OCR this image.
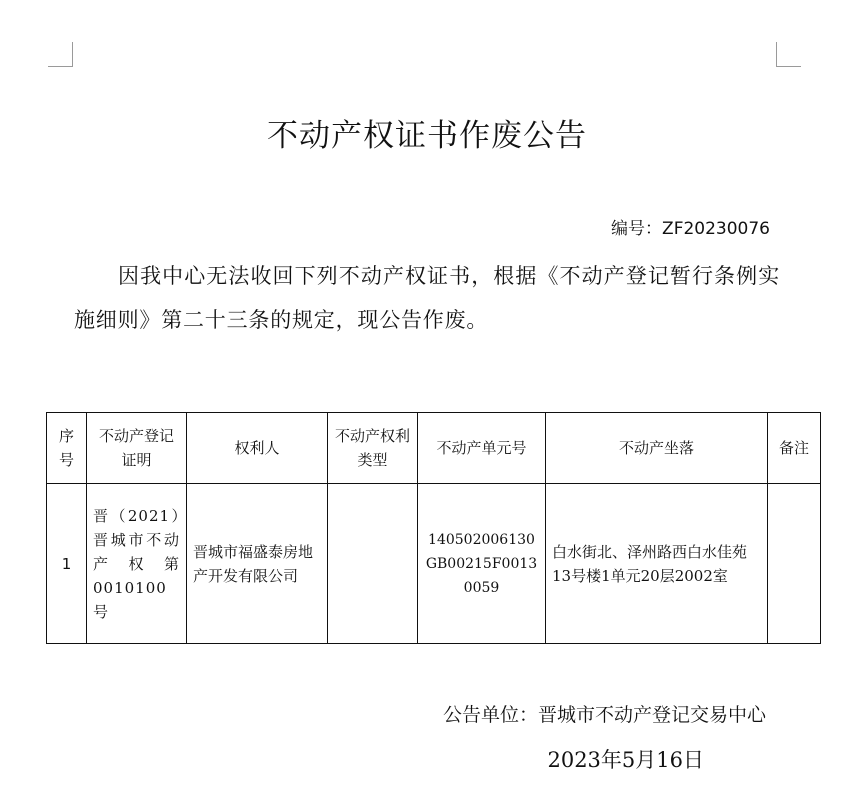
不动产权证书作废公告
编号：ZF20230076
因我中心无法收回下列不动产权证书，根据《不动产登记暂行条例实施细则》第二十三条的规定，现公告作废。
序号	不动产登记证明	权利人	不动产权利类型	不动产单元号	不动产坐落	备注
1	晋（2021）晋城市不动产权第0010100号	晋城市福盛泰房地产开发有限公司		140502006130GB00215F00130059	白水街北、泽州路西白水佳苑13号楼1单元20层2002室	
公告单位：晋城市不动产登记交易中心
2023年5月16日
